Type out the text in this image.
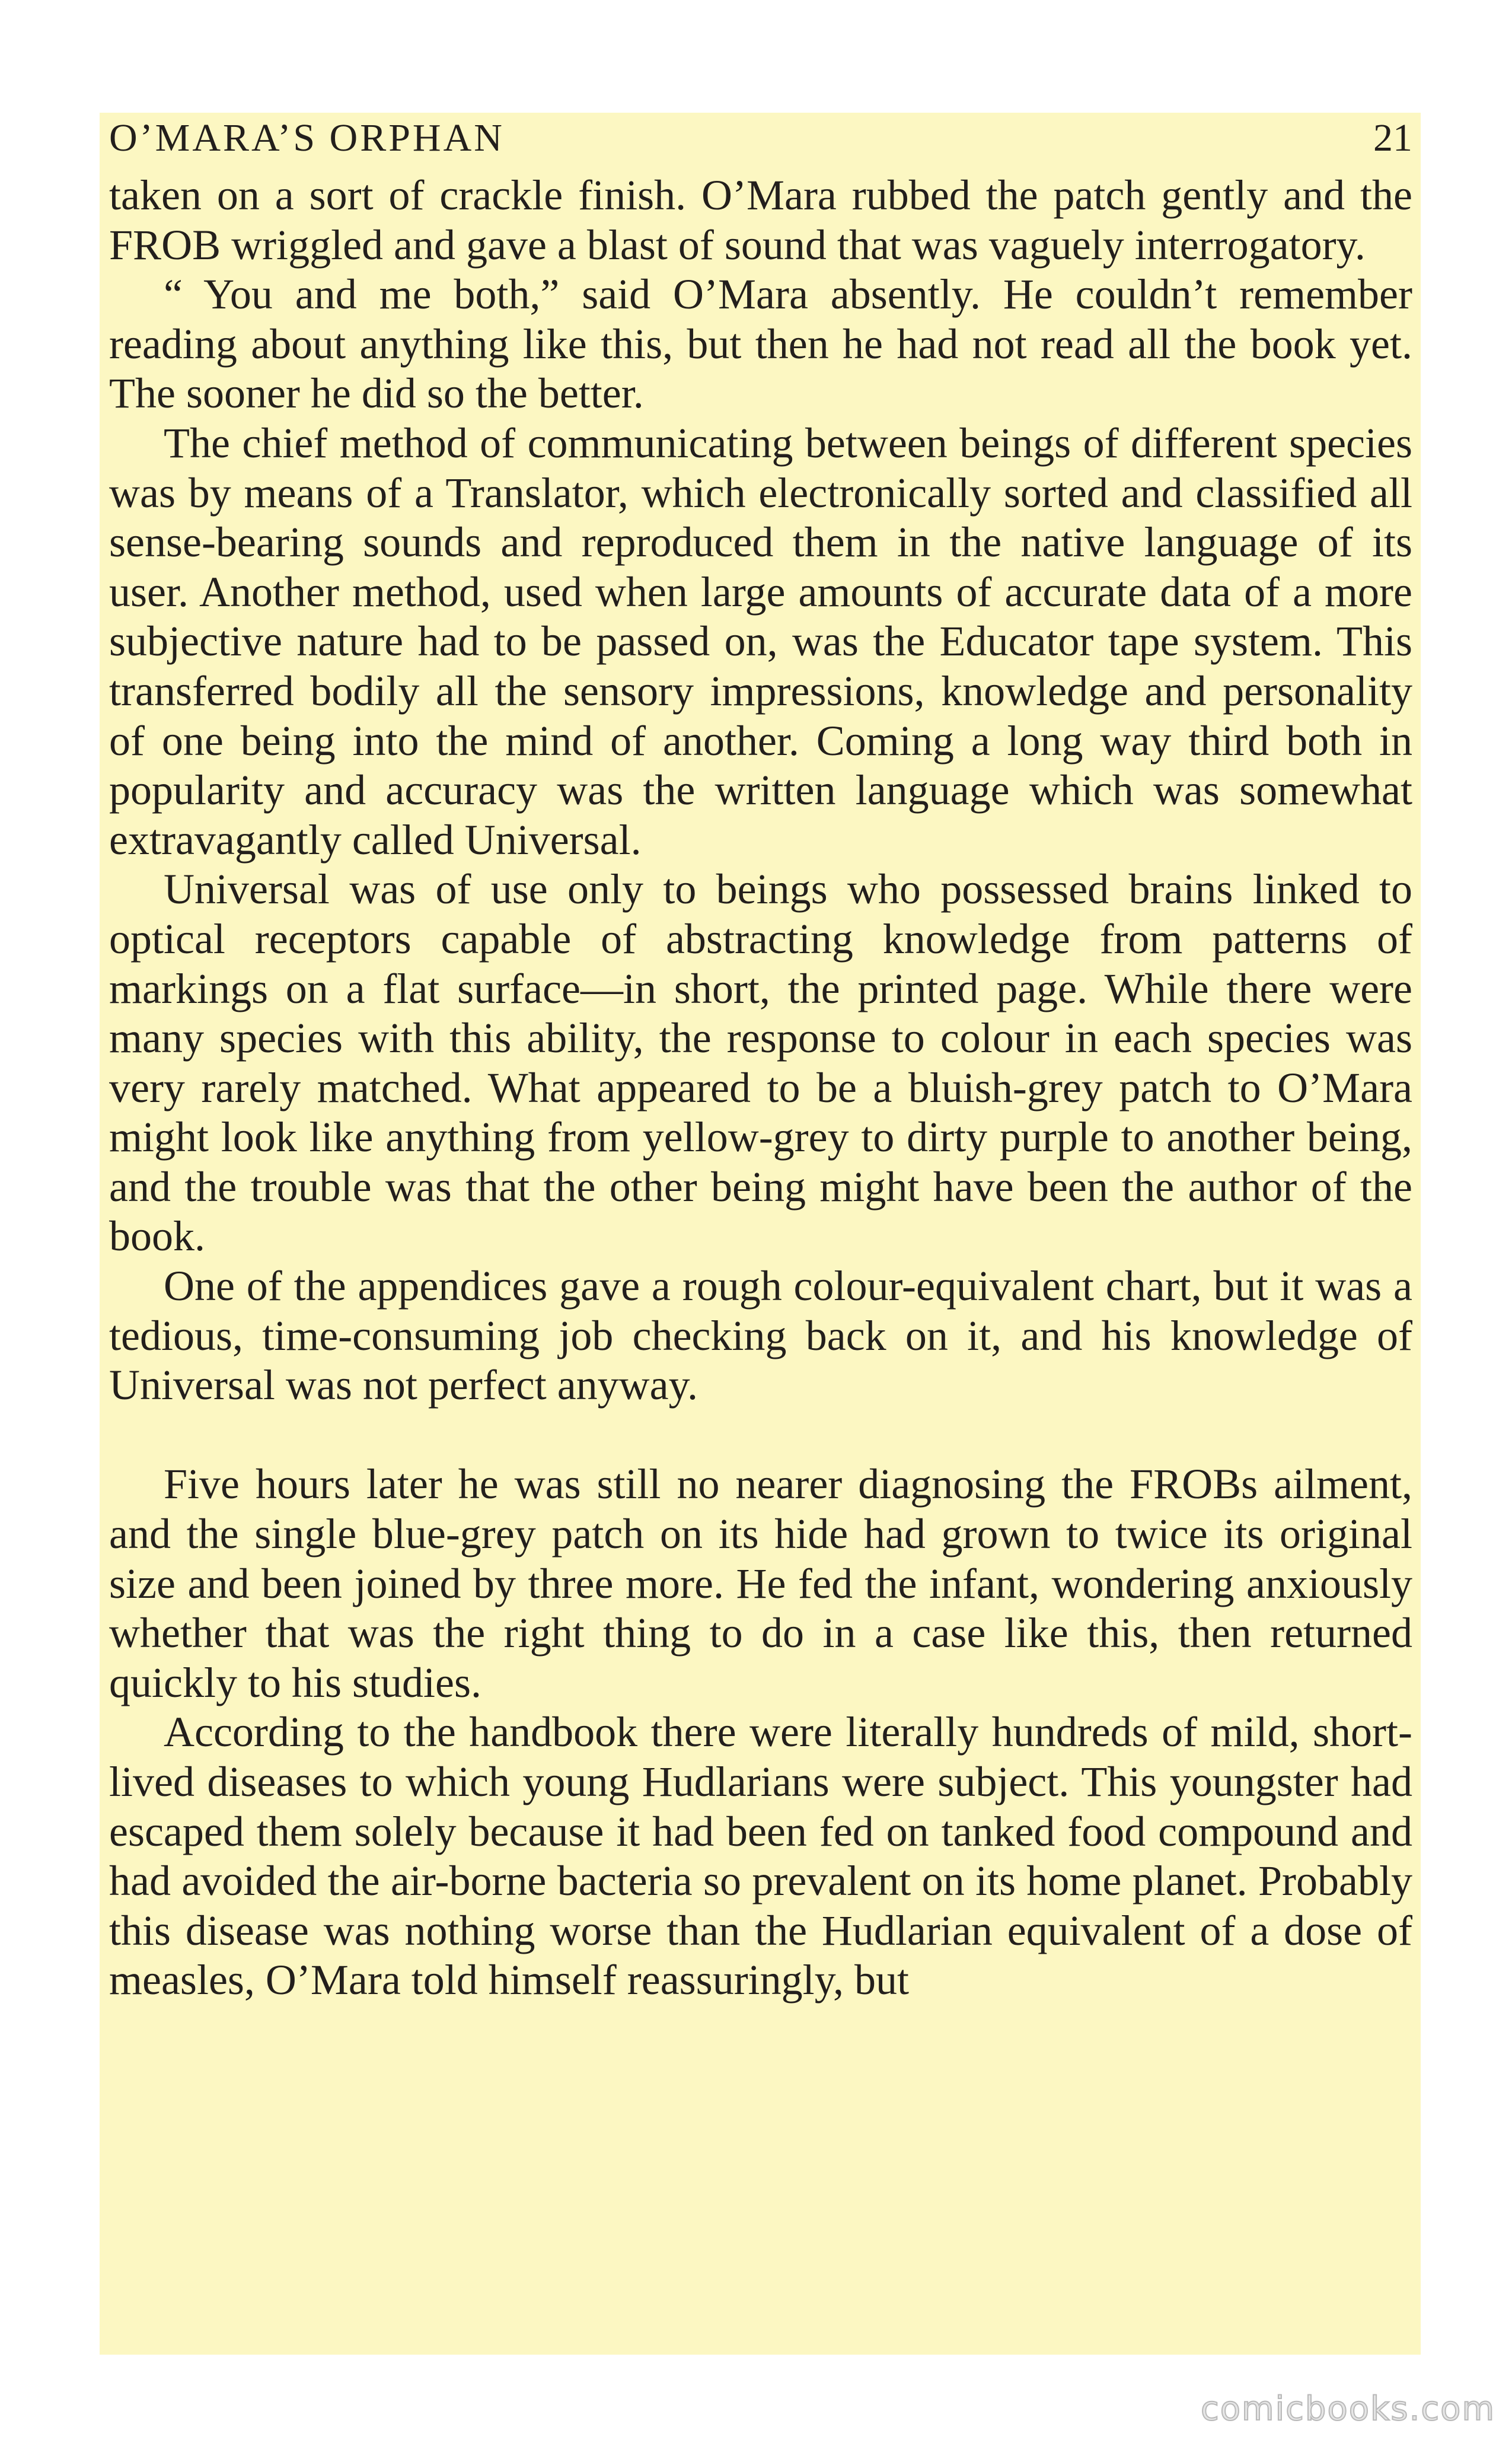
O’MARA’S ORPHAN	21

taken on a sort of crackle finish. O’Mara rubbed the patch gently and the FROB wriggled and gave a blast of sound that was vaguely interrogatory.

“ You and me both,” said O’Mara absently. He couldn’t remember reading about anything like this, but then he had not read all the book yet. The sooner he did so the better.

The chief method of communicating between beings of different species was by means of a Translator, which electronically sorted and classified all sense-bearing sounds and reproduced them in the native language of its user. Another method, used when large amounts of accurate data of a more subjective nature had to be passed on, was the Educator tape system. This transferred bodily all the sensory impressions, knowledge and personality of one being into the mind of another. Coming a long way third both in popularity and accuracy was the written language which was somewhat extravagantly called Universal.

Universal was of use only to beings who possessed brains linked to optical receptors capable of abstracting knowledge from patterns of markings on a flat surface—in short, the printed page. While there were many species with this ability, the response to colour in each species was very rarely matched. What appeared to be a bluish-grey patch to O’Mara might look like anything from yellow-grey to dirty purple to another being, and the trouble was that the other being might have been the author of the book.

One of the appendices gave a rough colour-equivalent chart, but it was a tedious, time-consuming job checking back on it, and his knowledge of Universal was not perfect anyway.

Five hours later he was still no nearer diagnosing the FROBs ailment, and the single blue-grey patch on its hide had grown to twice its original size and been joined by three more. He fed the infant, wondering anxiously whether that was the right thing to do in a case like this, then returned quickly to his studies.

According to the handbook there were literally hundreds of mild, short-lived diseases to which young Hudlarians were subject. This youngster had escaped them solely because it had been fed on tanked food compound and had avoided the air-borne bacteria so prevalent on its home planet. Probably this disease was nothing worse than the Hudlarian equivalent of a dose of measles, O’Mara told himself reassuringly, but

comicbooks.com
